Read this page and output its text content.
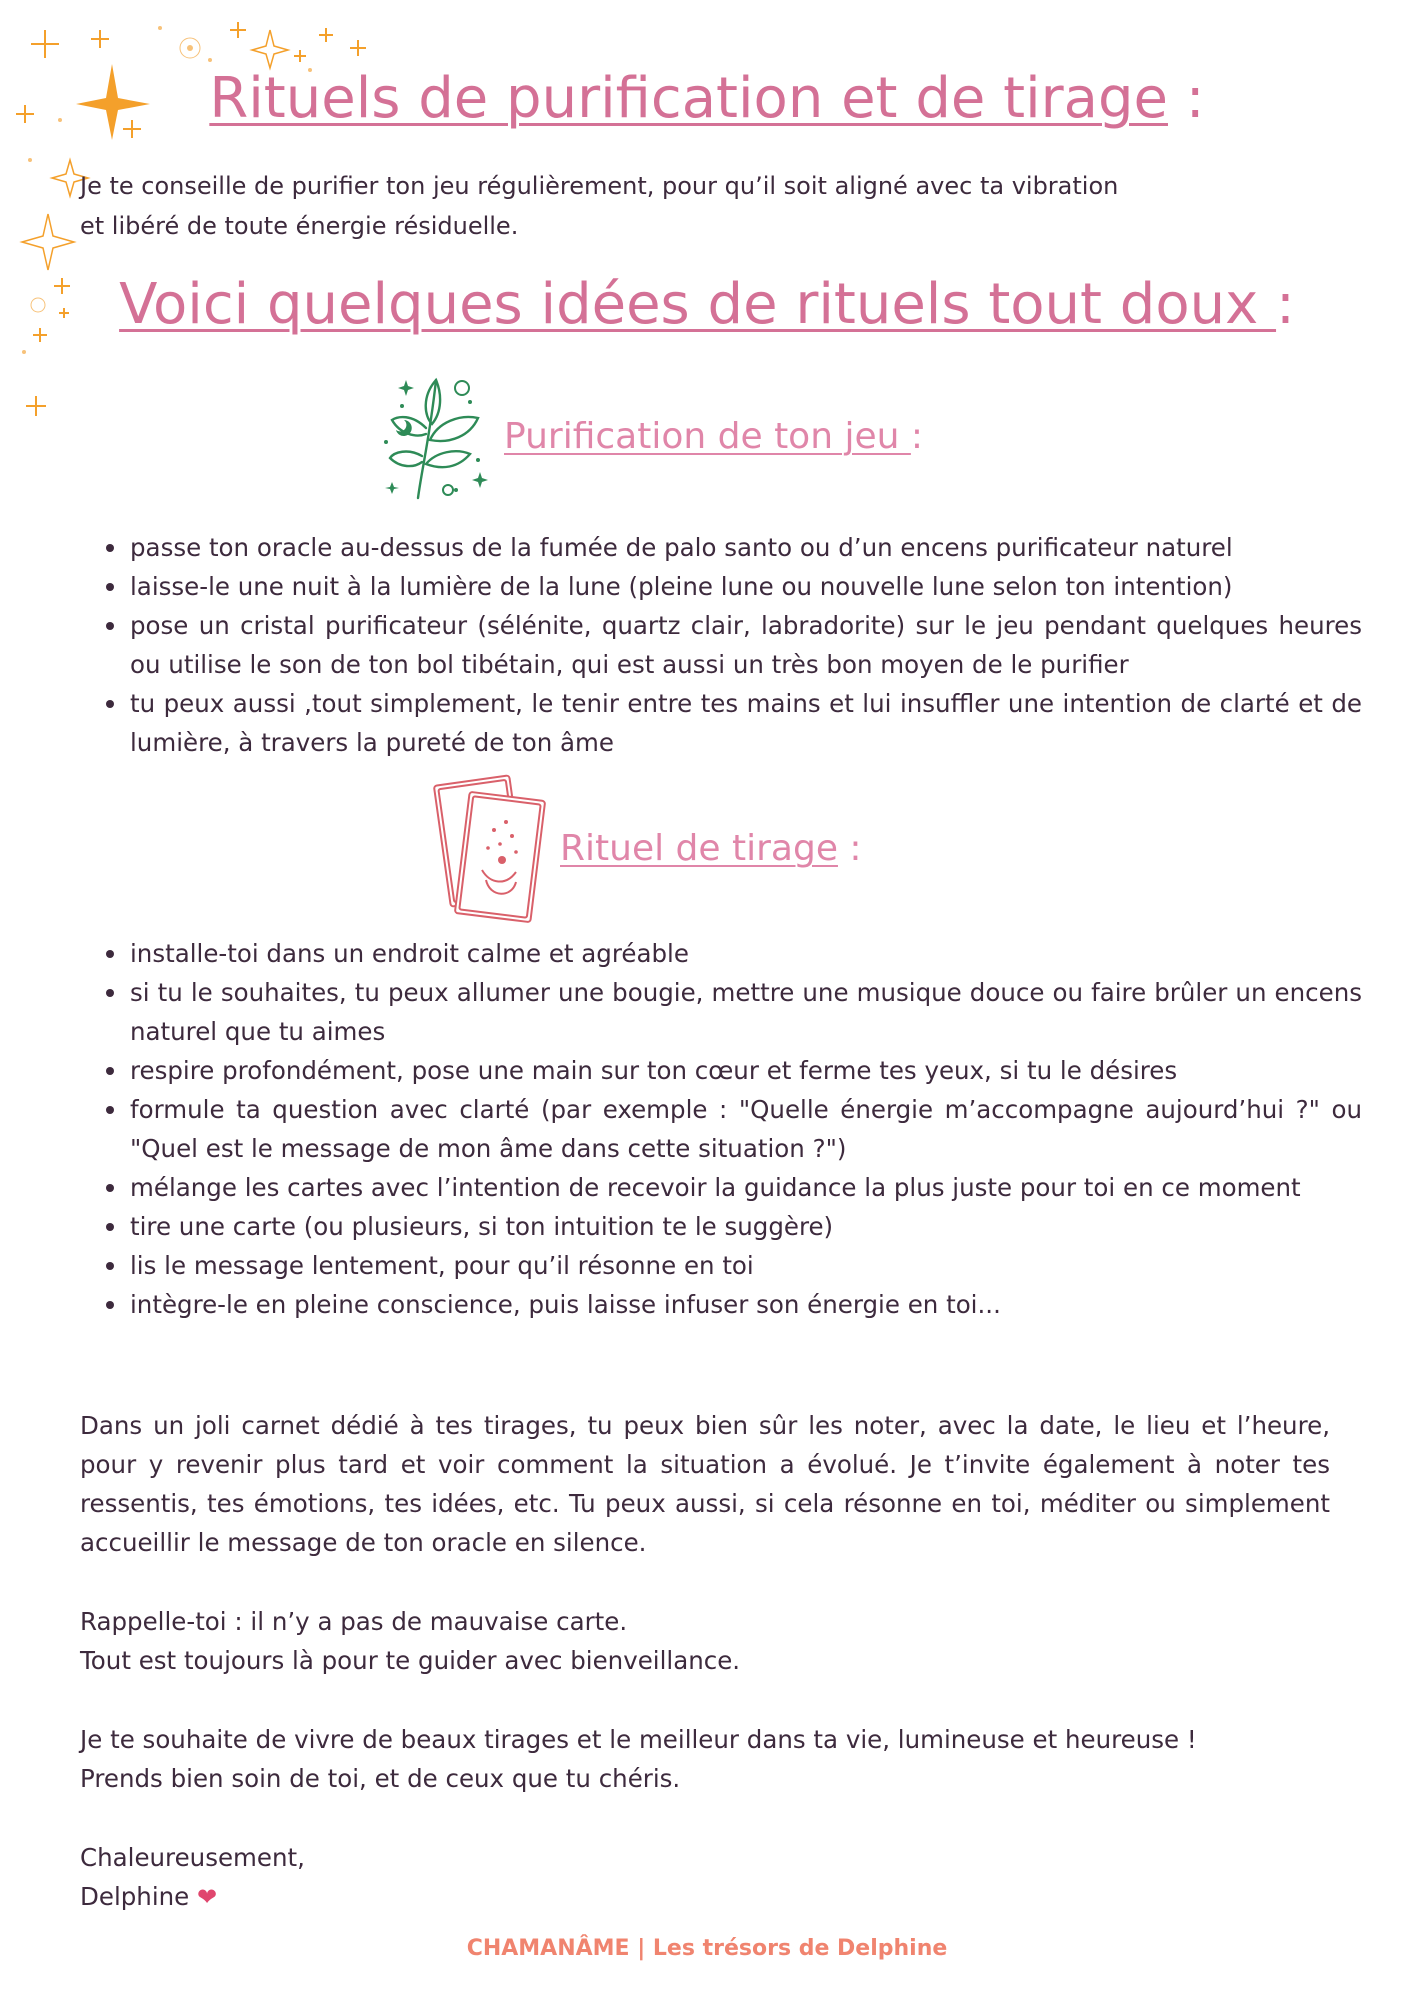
Rituels de purification et de tirage :
Je te conseille de purifier ton jeu régulièrement, pour qu’il soit aligné avec ta vibration
et libéré de toute énergie résiduelle.
Voici quelques idées de rituels tout doux :
Purification de ton jeu :
passe ton oracle au-dessus de la fumée de palo santo ou d’un encens purificateur naturel
laisse-le une nuit à la lumière de la lune (pleine lune ou nouvelle lune selon ton intention)
pose un cristal purificateur (sélénite, quartz clair, labradorite) sur le jeu pendant quelques heures ou utilise le son de ton bol tibétain, qui est aussi un très bon moyen de le purifier
tu peux aussi ,tout simplement, le tenir entre tes mains et lui insuffler une intention de clarté et de lumière, à travers la pureté de ton âme
Rituel de tirage :
installe-toi dans un endroit calme et agréable
si tu le souhaites, tu peux allumer une bougie, mettre une musique douce ou faire brûler un encens naturel que tu aimes
respire profondément, pose une main sur ton cœur et ferme tes yeux, si tu le désires
formule ta question avec clarté (par exemple : "Quelle énergie m’accompagne aujourd’hui ?" ou "Quel est le message de mon âme dans cette situation ?")
mélange les cartes avec l’intention de recevoir la guidance la plus juste pour toi en ce moment
tire une carte (ou plusieurs, si ton intuition te le suggère)
lis le message lentement, pour qu’il résonne en toi
intègre-le en pleine conscience, puis laisse infuser son énergie en toi...

Dans un joli carnet dédié à tes tirages, tu peux bien sûr les noter, avec la date, le lieu et l’heure, pour y revenir plus tard et voir comment la situation a évolué. Je t’invite également à noter tes ressentis, tes émotions, tes idées, etc. Tu peux aussi, si cela résonne en toi, méditer ou simplement accueillir le message de ton oracle en silence.

Rappelle-toi : il n’y a pas de mauvaise carte.
Tout est toujours là pour te guider avec bienveillance.
Je te souhaite de vivre de beaux tirages et le meilleur dans ta vie, lumineuse et heureuse !
Prends bien soin de toi, et de ceux que tu chéris.
Chaleureusement,
Delphine ❤
CHAMANÂME | Les trésors de Delphine
